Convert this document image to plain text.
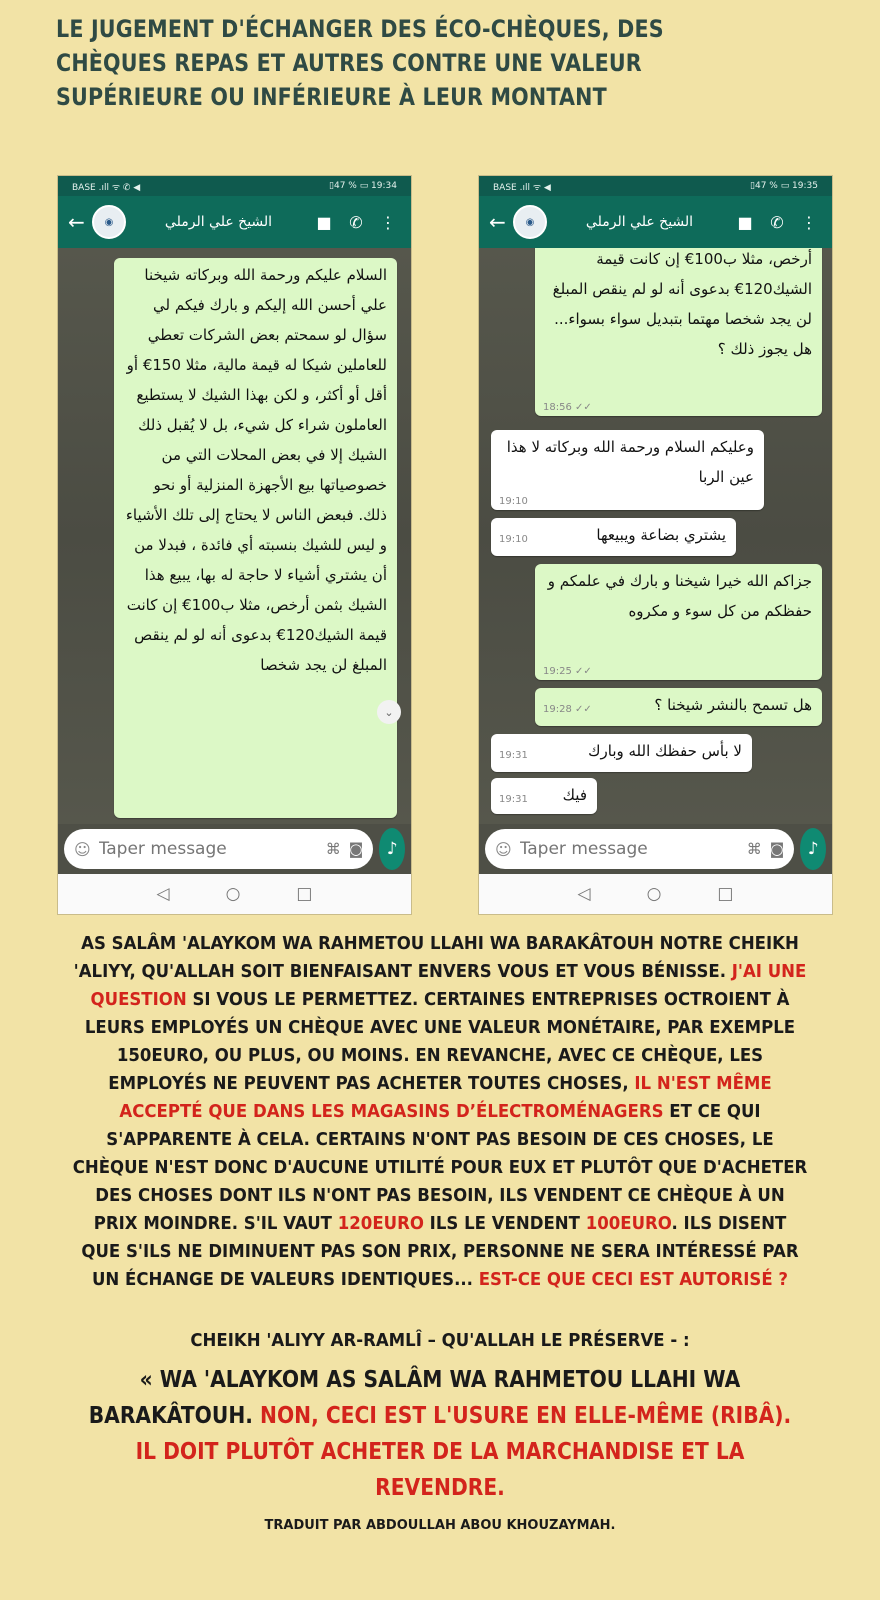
LE JUGEMENT D'ÉCHANGER DES ÉCO-CHÈQUES, DES CHÈQUES REPAS ET AUTRES CONTRE UNE VALEUR SUPÉRIEURE OU INFÉRIEURE À LEUR MONTANT
BASE .ıll ᯤ ✆ ◀	▯47 % ▭ 19:34
←	◉	الشيخ علي الرملي	■	✆	⋮
السلام عليكم ورحمة الله وبركاته شيخنا علي أحسن الله إليكم و بارك فيكم لي سؤال لو سمحتم بعض الشركات تعطي للعاملين شيكا له قيمة مالية، مثلا 150€ أو أقل أو أكثر، و لكن بهذا الشيك لا يستطيع العاملون شراء كل شيء، بل لا يُقبل ذلك الشيك إلا في بعض المحلات التي من خصوصياتها بيع الأجهزة المنزلية أو نحو ذلك. فبعض الناس لا يحتاج إلى تلك الأشياء و ليس للشيك بنسبته أي فائدة ، فبدلا من أن يشتري أشياء لا حاجة له بها، يبيع هذا الشيك بثمن أرخص، مثلا ب100€ إن كانت قيمة الشيك120€ بدعوى أنه لو لم ينقص المبلغ لن يجد شخصا
⌄
☺
Taper message	⌘ ◙ ♪
◁	○	□
BASE .ıll ᯤ ◀	▯47 % ▭ 19:35
←	◉	الشيخ علي الرملي	■	✆	⋮
أرخص، مثلا ب100€ إن كانت قيمة الشيك120€ بدعوى أنه لو لم ينقص المبلغ لن يجد شخصا مهتما بتبديل سواء بسواء... هل يجوز ذلك ؟
18:56 ✓✓
وعليكم السلام ورحمة الله وبركاته لا هذا عين الربا
19:10
يشتري بضاعة ويبيعها
19:10
جزاكم الله خيرا شيخنا و بارك في علمكم و حفظكم من كل سوء و مكروه
19:25 ✓✓
هل تسمح بالنشر شيخنا ؟
19:28 ✓✓
لا بأس حفظك الله وبارك
19:31
فيك
19:31
☺
Taper message	⌘ ◙ ♪
◁	○	□
AS SALÂM 'ALAYKOM WA RAHMETOU LLAHI WA BARAKÂTOUH NOTRE CHEIKH 'ALIYY, QU'ALLAH SOIT BIENFAISANT ENVERS VOUS ET VOUS BÉNISSE. J'AI UNE QUESTION SI VOUS LE PERMETTEZ. CERTAINES ENTREPRISES OCTROIENT À LEURS EMPLOYÉS UN CHÈQUE AVEC UNE VALEUR MONÉTAIRE, PAR EXEMPLE 150EURO, OU PLUS, OU MOINS. EN REVANCHE, AVEC CE CHÈQUE, LES EMPLOYÉS NE PEUVENT PAS ACHETER TOUTES CHOSES, IL N'EST MÊME ACCEPTÉ QUE DANS LES MAGASINS D’ÉLECTROMÉNAGERS ET CE QUI S'APPARENTE À CELA. CERTAINS N'ONT PAS BESOIN DE CES CHOSES, LE CHÈQUE N'EST DONC D'AUCUNE UTILITÉ POUR EUX ET PLUTÔT QUE D'ACHETER DES CHOSES DONT ILS N'ONT PAS BESOIN, ILS VENDENT CE CHÈQUE À UN PRIX MOINDRE. S'IL VAUT 120EURO ILS LE VENDENT 100EURO. ILS DISENT QUE S'ILS NE DIMINUENT PAS SON PRIX, PERSONNE NE SERA INTÉRESSÉ PAR UN ÉCHANGE DE VALEURS IDENTIQUES... EST-CE QUE CECI EST AUTORISÉ ?
CHEIKH 'ALIYY AR-RAMLÎ – QU'ALLAH LE PRÉSERVE - :
« WA 'ALAYKOM AS SALÂM WA RAHMETOU LLAHI WA BARAKÂTOUH. NON, CECI EST L'USURE EN ELLE-MÊME (RIBÂ). IL DOIT PLUTÔT ACHETER DE LA MARCHANDISE ET LA REVENDRE.
TRADUIT PAR ABDOULLAH ABOU KHOUZAYMAH.
